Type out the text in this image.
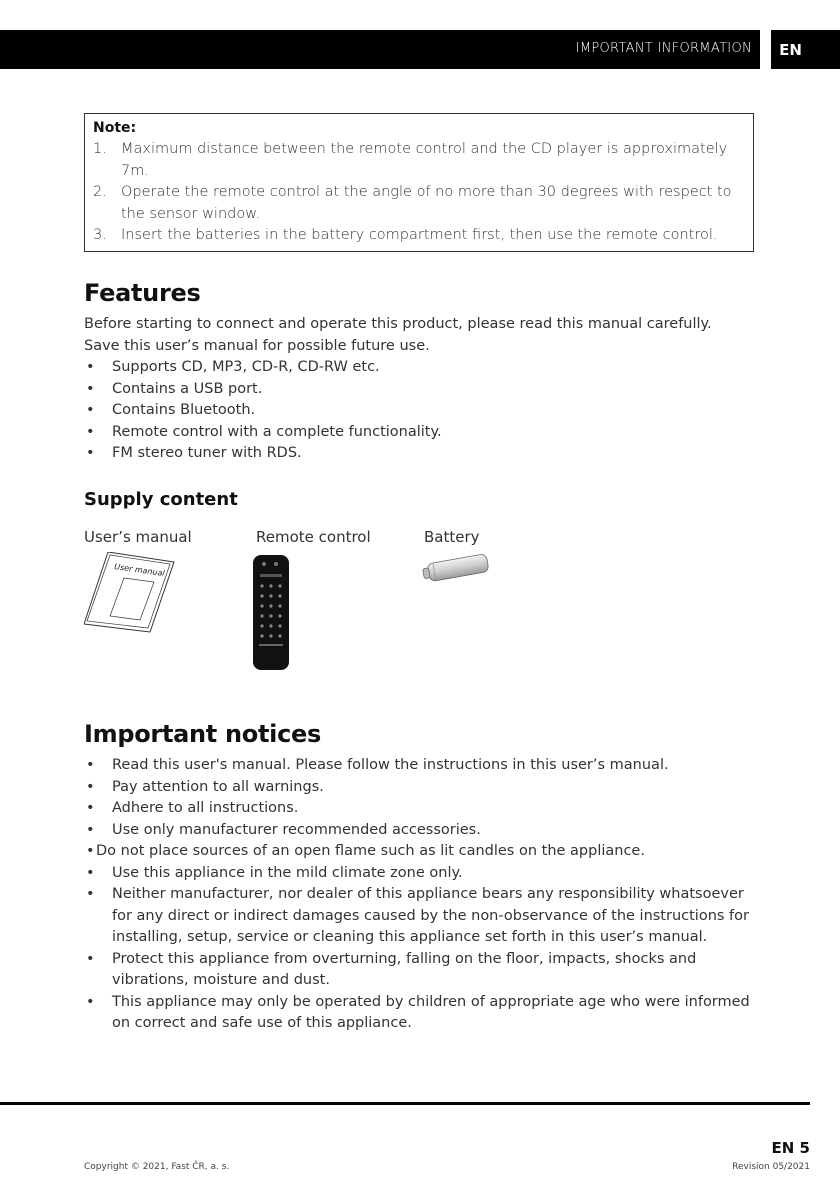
IMPORTANT INFORMATION	EN
Note:
1. Maximum distance between the remote control and the CD player is approximately 7m.
2. Operate the remote control at the angle of no more than 30 degrees with respect to the sensor window.
3. Insert the batteries in the battery compartment first, then use the remote control.
Features
Before starting to connect and operate this product, please read this manual carefully.
Save this user’s manual for possible future use.
•	Supports CD, MP3, CD-R, CD-RW etc.
•	Contains a USB port.
•	Contains Bluetooth.
•	Remote control with a complete functionality.
•	FM stereo tuner with RDS.
Supply content
User’s manual	Remote control	Battery
User manual
Important notices
•	Read this user's manual. Please follow the instructions in this user’s manual.
•	Pay attention to all warnings.
•	Adhere to all instructions.
•	Use only manufacturer recommended accessories.
• Do not place sources of an open flame such as lit candles on the appliance.
•	Use this appliance in the mild climate zone only.
•	Neither manufacturer, nor dealer of this appliance bears any responsibility whatsoever for any direct or indirect damages caused by the non-observance of the instructions for installing, setup, service or cleaning this appliance set forth in this user’s manual.
•	Protect this appliance from overturning, falling on the floor, impacts, shocks and vibrations, moisture and dust.
•	This appliance may only be operated by children of appropriate age who were informed on correct and safe use of this appliance.
EN 5
Copyright © 2021, Fast ČR, a. s.	Revision 05/2021
